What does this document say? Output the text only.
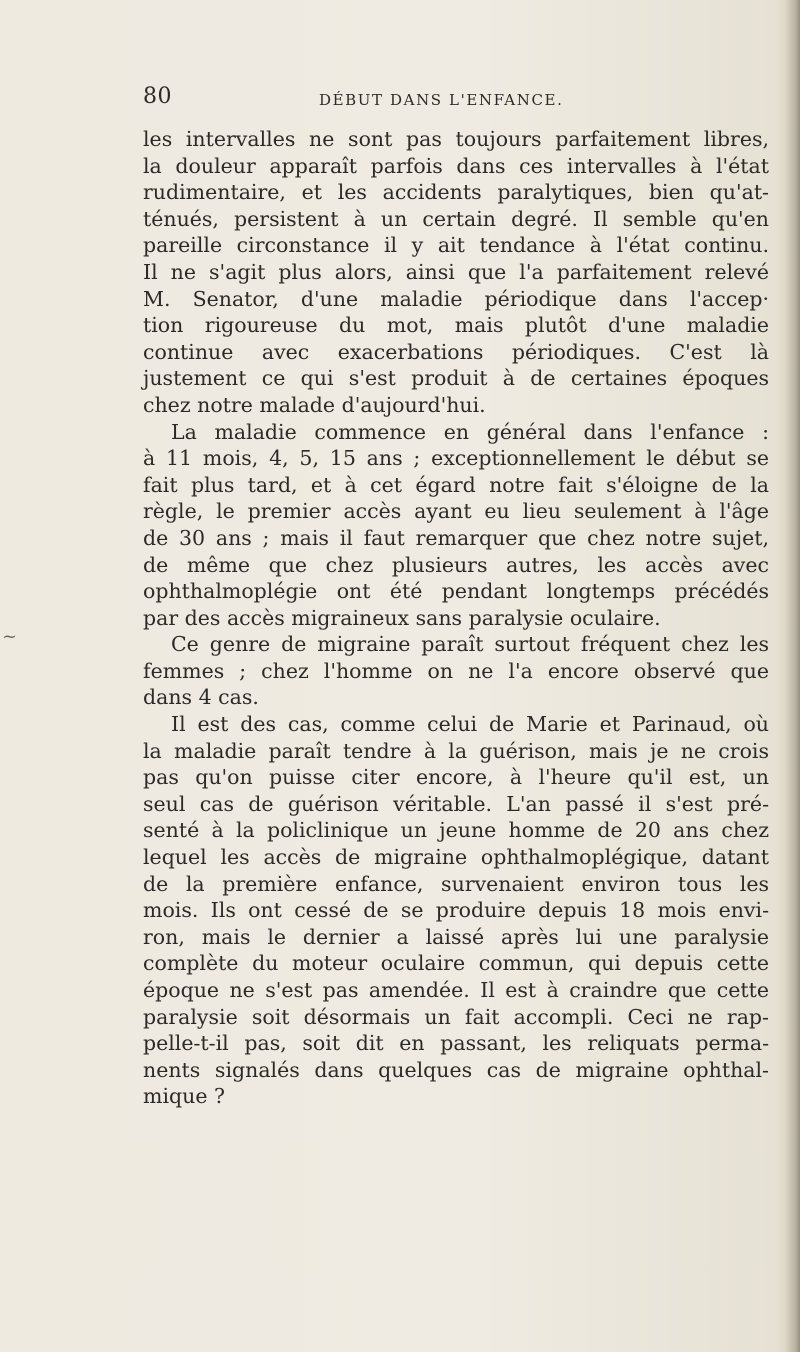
80	DÉBUT DANS L'ENFANCE.
~
les intervalles ne sont pas toujours parfaitement libres,
la douleur apparaît parfois dans ces intervalles à l'état
rudimentaire, et les accidents paralytiques, bien qu'at-
ténués, persistent à un certain degré. Il semble qu'en
pareille circonstance il y ait tendance à l'état continu.
Il ne s'agit plus alors, ainsi que l'a parfaitement relevé
M. Senator, d'une maladie périodique dans l'accep·
tion rigoureuse du mot, mais plutôt d'une maladie
continue avec exacerbations périodiques. C'est là
justement ce qui s'est produit à de certaines époques
chez notre malade d'aujourd'hui.
La maladie commence en général dans l'enfance :
à 11 mois, 4, 5, 15 ans ; exceptionnellement le début se
fait plus tard, et à cet égard notre fait s'éloigne de la
règle, le premier accès ayant eu lieu seulement à l'âge
de 30 ans ; mais il faut remarquer que chez notre sujet,
de même que chez plusieurs autres, les accès avec
ophthalmoplégie ont été pendant longtemps précédés
par des accès migraineux sans paralysie oculaire.
Ce genre de migraine paraît surtout fréquent chez les
femmes ; chez l'homme on ne l'a encore observé que
dans 4 cas.
Il est des cas, comme celui de Marie et Parinaud, où
la maladie paraît tendre à la guérison, mais je ne crois
pas qu'on puisse citer encore, à l'heure qu'il est, un
seul cas de guérison véritable. L'an passé il s'est pré-
senté à la policlinique un jeune homme de 20 ans chez
lequel les accès de migraine ophthalmoplégique, datant
de la première enfance, survenaient environ tous les
mois. Ils ont cessé de se produire depuis 18 mois envi-
ron, mais le dernier a laissé après lui une paralysie
complète du moteur oculaire commun, qui depuis cette
époque ne s'est pas amendée. Il est à craindre que cette
paralysie soit désormais un fait accompli. Ceci ne rap-
pelle-t-il pas, soit dit en passant, les reliquats perma-
nents signalés dans quelques cas de migraine ophthal-
mique ?
